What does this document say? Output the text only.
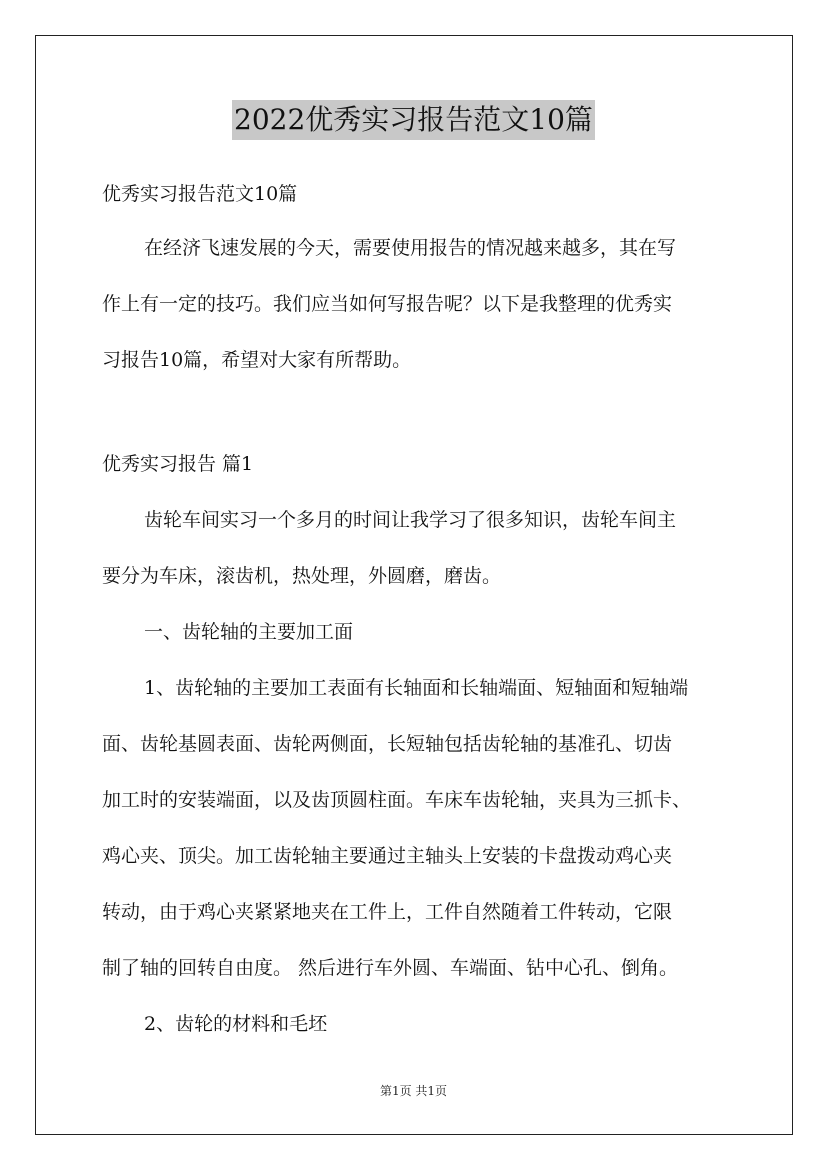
2022优秀实习报告范文10篇
优秀实习报告范文10篇
在经济飞速发展的今天，需要使用报告的情况越来越多，其在写
作上有一定的技巧。我们应当如何写报告呢？以下是我整理的优秀实
习报告10篇，希望对大家有所帮助。
优秀实习报告 篇1
齿轮车间实习一个多月的时间让我学习了很多知识，齿轮车间主
要分为车床，滚齿机，热处理，外圆磨，磨齿。
一、齿轮轴的主要加工面
1、齿轮轴的主要加工表面有长轴面和长轴端面、短轴面和短轴端
面、齿轮基圆表面、齿轮两侧面，长短轴包括齿轮轴的基准孔、切齿
加工时的安装端面，以及齿顶圆柱面。车床车齿轮轴，夹具为三抓卡、
鸡心夹、顶尖。加工齿轮轴主要通过主轴头上安装的卡盘拨动鸡心夹
转动，由于鸡心夹紧紧地夹在工件上，工件自然随着工件转动，它限
制了轴的回转自由度。 然后进行车外圆、车端面、钻中心孔、倒角。
2、齿轮的材料和毛坯
第1页 共1页
